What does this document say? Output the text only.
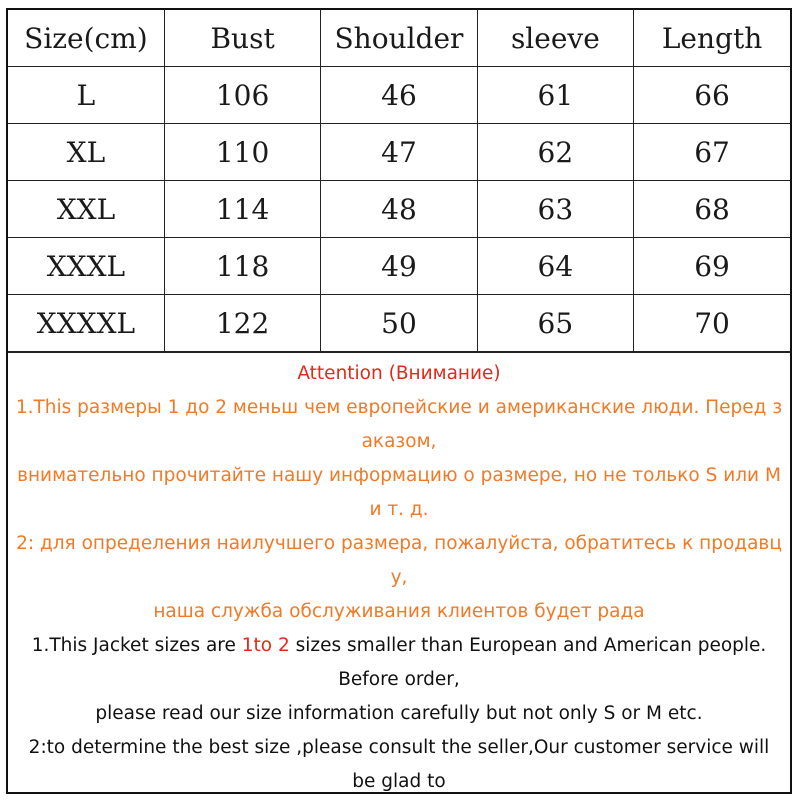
Size(cm)	Bust	Shoulder	sleeve	Length
L	106	46	61	66
XL	110	47	62	67
XXL	114	48	63	68
XXXL	118	49	64	69
XXXXL	122	50	65	70
Attention (Внимание)
1.This размеры 1 до 2 меньш чем европейские и американские люди. Перед з
аказом,
внимательно прочитайте нашу информацию о размере, но не только S или M
и т. д.
2: для определения наилучшего размера, пожалуйста, обратитесь к продавц
у,
наша служба обслуживания клиентов будет рада
1.This Jacket sizes are 1to 2 sizes smaller than European and American people.
Before order,
please read our size information carefully but not only S or M etc.
2:to determine the best size ,please consult the seller,Our customer service will
be glad to
